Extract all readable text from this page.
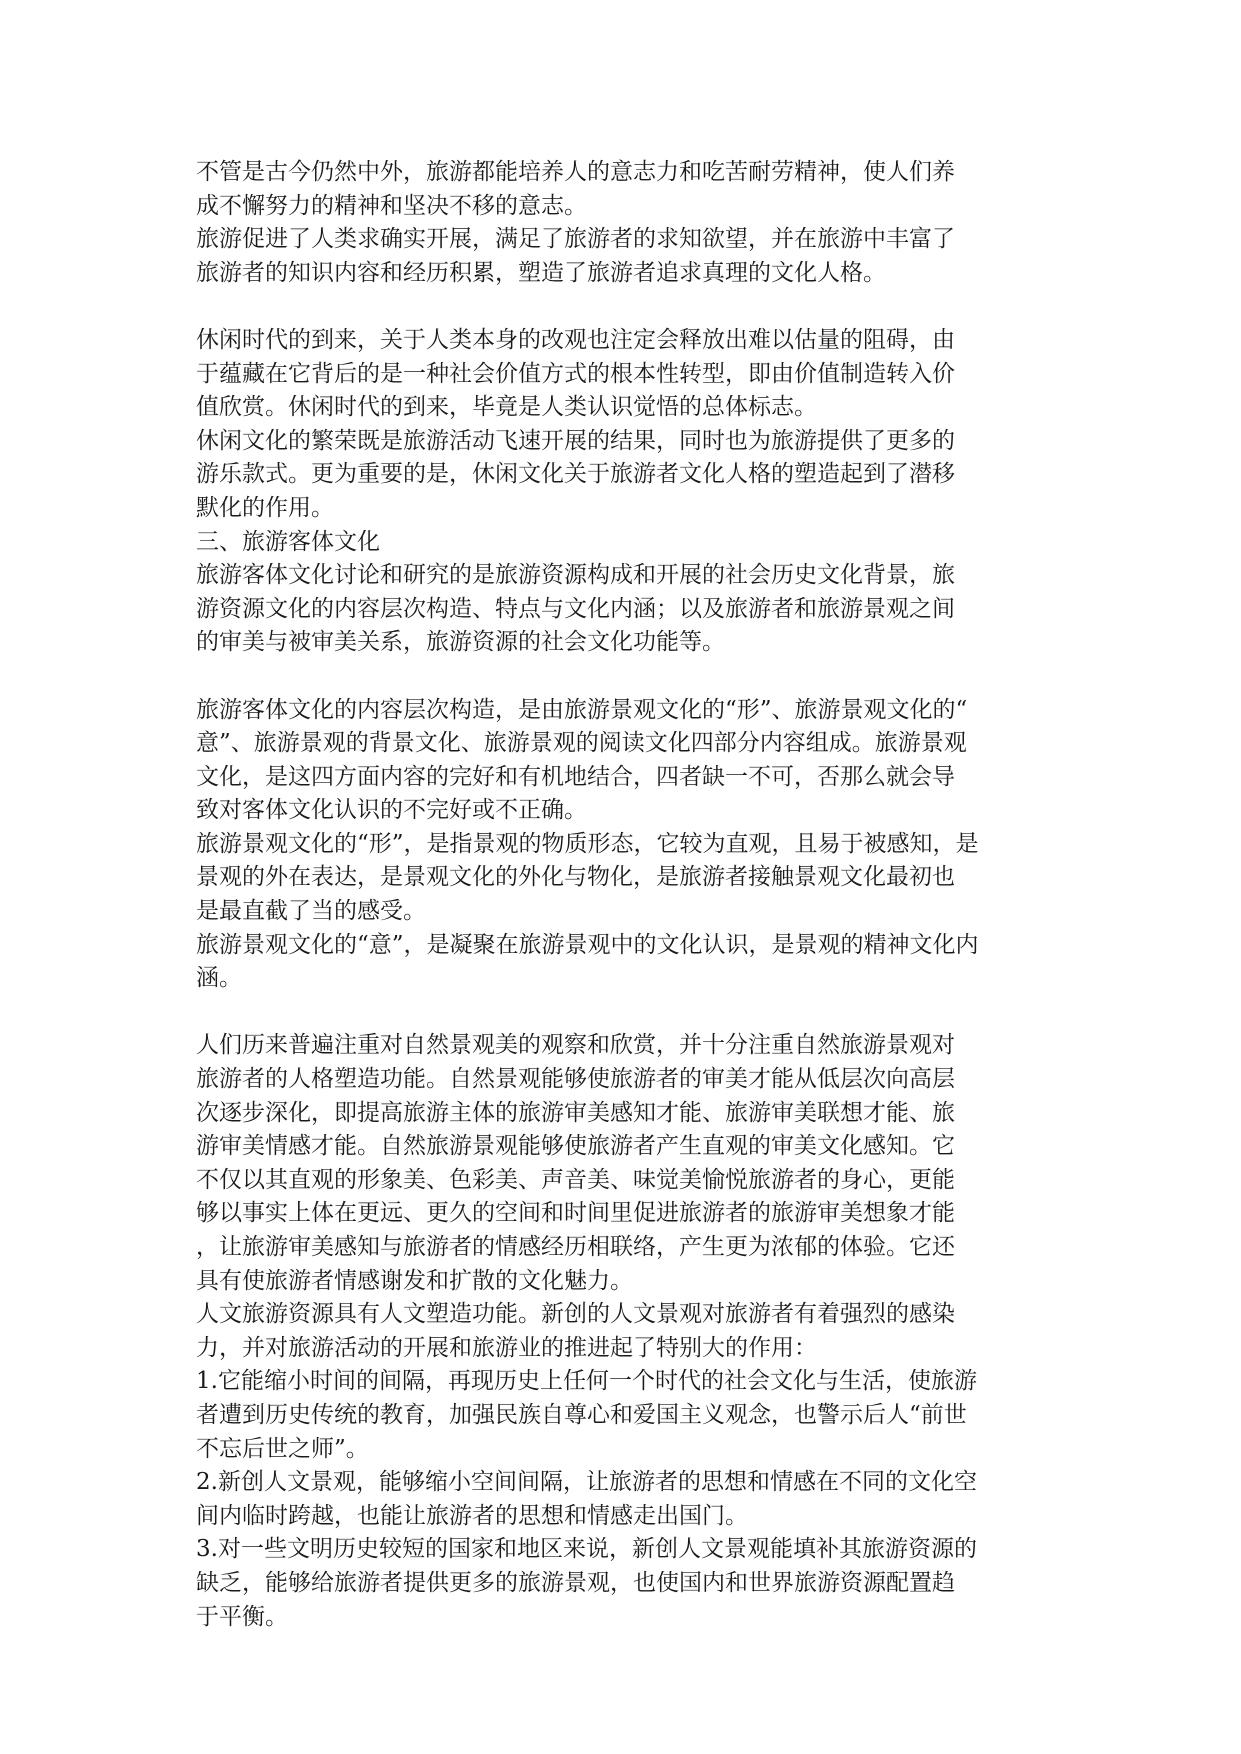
不管是古今仍然中外，旅游都能培养人的意志力和吃苦耐劳精神，使人们养
成不懈努力的精神和坚决不移的意志。
旅游促进了人类求确实开展，满足了旅游者的求知欲望，并在旅游中丰富了
旅游者的知识内容和经历积累，塑造了旅游者追求真理的文化人格。
休闲时代的到来，关于人类本身的改观也注定会释放出难以估量的阻碍，由
于蕴藏在它背后的是一种社会价值方式的根本性转型，即由价值制造转入价
值欣赏。休闲时代的到来，毕竟是人类认识觉悟的总体标志。
休闲文化的繁荣既是旅游活动飞速开展的结果，同时也为旅游提供了更多的
游乐款式。更为重要的是，休闲文化关于旅游者文化人格的塑造起到了潜移
默化的作用。
三、旅游客体文化
旅游客体文化讨论和研究的是旅游资源构成和开展的社会历史文化背景，旅
游资源文化的内容层次构造、特点与文化内涵；以及旅游者和旅游景观之间
的审美与被审美关系，旅游资源的社会文化功能等。
旅游客体文化的内容层次构造，是由旅游景观文化的“形”、旅游景观文化的“
意”、旅游景观的背景文化、旅游景观的阅读文化四部分内容组成。旅游景观
文化，是这四方面内容的完好和有机地结合，四者缺一不可，否那么就会导
致对客体文化认识的不完好或不正确。
旅游景观文化的“形”，是指景观的物质形态，它较为直观，且易于被感知，是
景观的外在表达，是景观文化的外化与物化，是旅游者接触景观文化最初也
是最直截了当的感受。
旅游景观文化的“意”，是凝聚在旅游景观中的文化认识，是景观的精神文化内
涵。
人们历来普遍注重对自然景观美的观察和欣赏，并十分注重自然旅游景观对
旅游者的人格塑造功能。自然景观能够使旅游者的审美才能从低层次向高层
次逐步深化，即提高旅游主体的旅游审美感知才能、旅游审美联想才能、旅
游审美情感才能。自然旅游景观能够使旅游者产生直观的审美文化感知。它
不仅以其直观的形象美、色彩美、声音美、味觉美愉悦旅游者的身心，更能
够以事实上体在更远、更久的空间和时间里促进旅游者的旅游审美想象才能
，让旅游审美感知与旅游者的情感经历相联络，产生更为浓郁的体验。它还
具有使旅游者情感谢发和扩散的文化魅力。
人文旅游资源具有人文塑造功能。新创的人文景观对旅游者有着强烈的感染
力，并对旅游活动的开展和旅游业的推进起了特别大的作用：
1.它能缩小时间的间隔，再现历史上任何一个时代的社会文化与生活，使旅游
者遭到历史传统的教育，加强民族自尊心和爱国主义观念，也警示后人“前世
不忘后世之师”。
2.新创人文景观，能够缩小空间间隔，让旅游者的思想和情感在不同的文化空
间内临时跨越，也能让旅游者的思想和情感走出国门。
3.对一些文明历史较短的国家和地区来说，新创人文景观能填补其旅游资源的
缺乏，能够给旅游者提供更多的旅游景观，也使国内和世界旅游资源配置趋
于平衡。
